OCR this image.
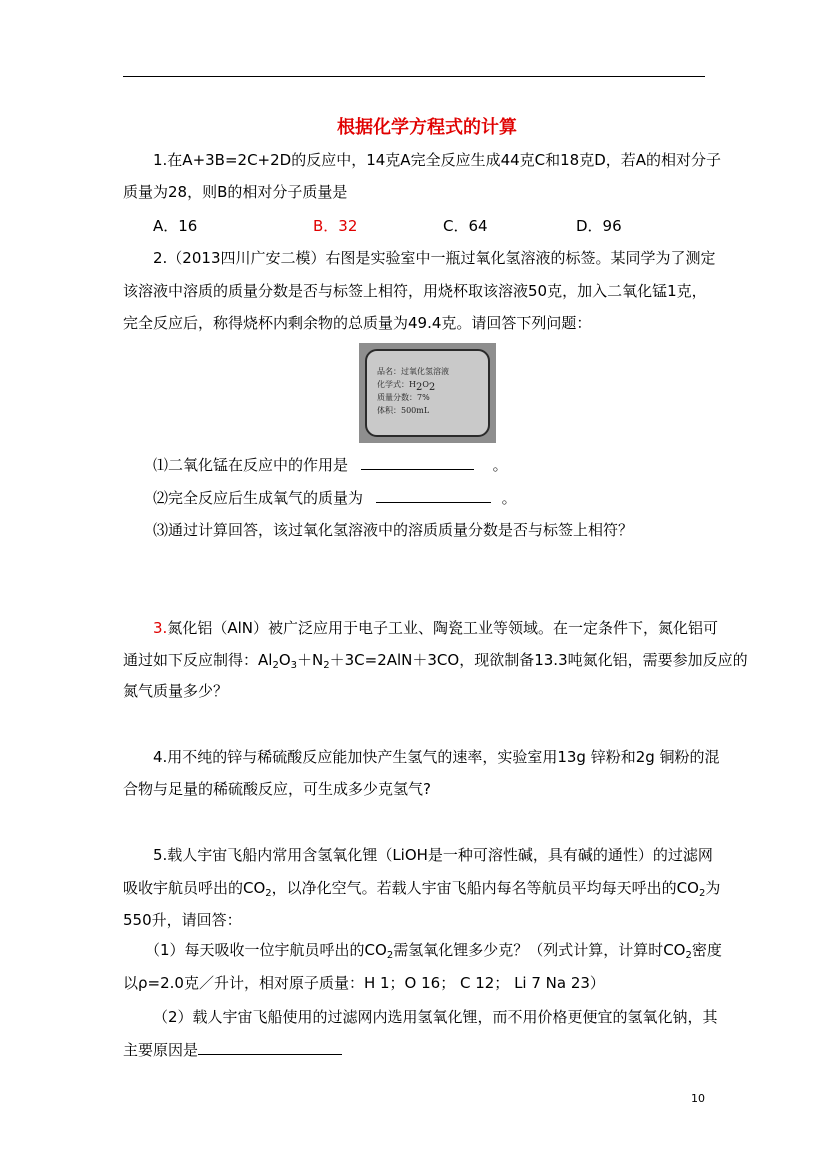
根据化学方程式的计算
1.在A+3B=2C+2D的反应中，14克A完全反应生成44克C和18克D，若A的相对分子
质量为28，则B的相对分子质量是
A．16	B．32	C．64	D．96
2.（2013四川广安二模）右图是实验室中一瓶过氧化氢溶液的标签。某同学为了测定
该溶液中溶质的质量分数是否与标签上相符，用烧杯取该溶液50克，加入二氧化锰1克，
完全反应后，称得烧杯内剩余物的总质量为49.4克。请回答下列问题：
品名：过氧化氢溶液
化学式：$H_2O_2$
质量分数：7%
体积：500mL
⑴二氧化锰在反应中的作用是	。
⑵完全反应后生成氧气的质量为	。
⑶通过计算回答，该过氧化氢溶液中的溶质质量分数是否与标签上相符？
3.氮化铝（AlN）被广泛应用于电子工业、陶瓷工业等领域。在一定条件下，氮化铝可
通过如下反应制得：$Al_2O_3+N_2+3C=2AlN+3CO$，现欲制备13.3吨氮化铝，需要参加反应的
氮气质量多少？
4.用不纯的锌与稀硫酸反应能加快产生氢气的速率，实验室用13g 锌粉和2g 铜粉的混
合物与足量的稀硫酸反应，可生成多少克氢气?
5.载人宇宙飞船内常用含氢氧化锂（LiOH是一种可溶性碱，具有碱的通性）的过滤网
吸收宇航员呼出的$CO_2$，以净化空气。若载人宇宙飞船内每名等航员平均每天呼出的$CO_2$为
550升，请回答：
（1）每天吸收一位宇航员呼出的$CO_2$需氢氧化锂多少克？（列式计算，计算时$CO_2$密度
以ρ=2.0克／升计，相对原子质量：H 1；O 16； C 12； Li 7 Na 23）
（2）载人宇宙飞船使用的过滤网内选用氢氧化锂，而不用价格更便宜的氢氧化钠，其
主要原因是
10
